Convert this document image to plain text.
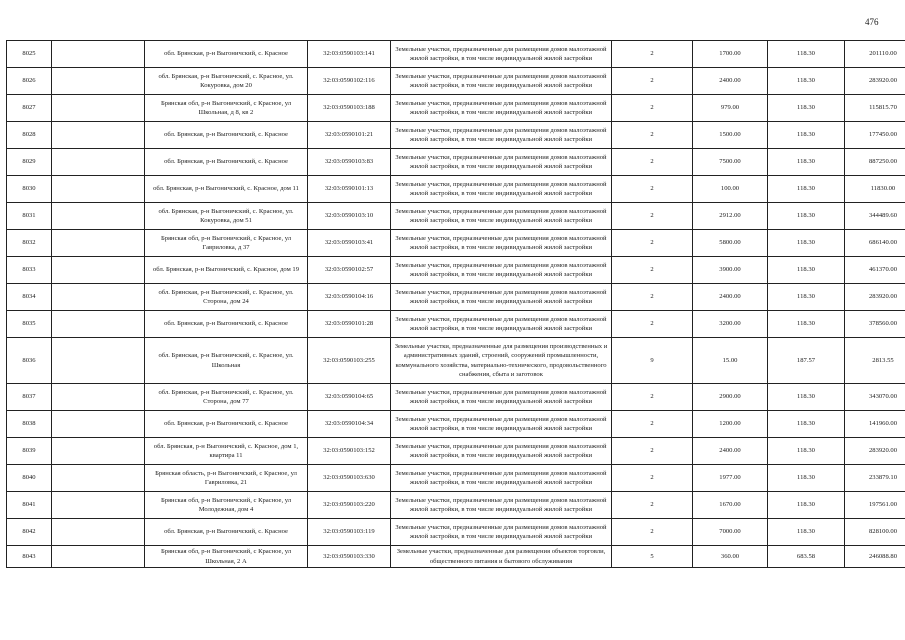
476
8025		обл. Брянская, р-н Выгоничский, с. Красное	32:03:0590103:141	Земельные участки, предназначенные для размещения домов малоэтажной жилой застройки, в том числе индивидуальной жилой застройки	2	1700.00	118.30	201110.00
8026		обл. Брянская, р-н Выгоничский, с. Красное, ул. Кокуровка, дом 20	32:03:0590102:116	Земельные участки, предназначенные для размещения домов малоэтажной жилой застройки, в том числе индивидуальной жилой застройки	2	2400.00	118.30	283920.00
8027		Брянская обл, р-н Выгоничский, с Красное, ул Школьная, д 8, кв 2	32:03:0590103:188	Земельные участки, предназначенные для размещения домов малоэтажной жилой застройки, в том числе индивидуальной жилой застройки	2	979.00	118.30	115815.70
8028		обл. Брянская, р-н Выгоничский, с. Красное	32:03:0590101:21	Земельные участки, предназначенные для размещения домов малоэтажной жилой застройки, в том числе индивидуальной жилой застройки	2	1500.00	118.30	177450.00
8029		обл. Брянская, р-н Выгоничский, с. Красное	32:03:0590103:83	Земельные участки, предназначенные для размещения домов малоэтажной жилой застройки, в том числе индивидуальной жилой застройки	2	7500.00	118.30	887250.00
8030		обл. Брянская, р-н Выгоничский, с. Красное, дом 11	32:03:0590101:13	Земельные участки, предназначенные для размещения домов малоэтажной жилой застройки, в том числе индивидуальной жилой застройки	2	100.00	118.30	11830.00
8031		обл. Брянская, р-н Выгоничский, с. Красное, ул. Кокуровка, дом 51	32:03:0590103:10	Земельные участки, предназначенные для размещения домов малоэтажной жилой застройки, в том числе индивидуальной жилой застройки	2	2912.00	118.30	344489.60
8032		Брянская обл, р-н Выгоничский, с Красное, ул Гавриловка, д 37	32:03:0590103:41	Земельные участки, предназначенные для размещения домов малоэтажной жилой застройки, в том числе индивидуальной жилой застройки	2	5800.00	118.30	686140.00
8033		обл. Брянская, р-н Выгоничский, с. Красное, дом 19	32:03:0590102:57	Земельные участки, предназначенные для размещения домов малоэтажной жилой застройки, в том числе индивидуальной жилой застройки	2	3900.00	118.30	461370.00
8034		обл. Брянская, р-н Выгоничский, с. Красное, ул. Сторона, дом 24	32:03:0590104:16	Земельные участки, предназначенные для размещения домов малоэтажной жилой застройки, в том числе индивидуальной жилой застройки	2	2400.00	118.30	283920.00
8035		обл. Брянская, р-н Выгоничский, с. Красное	32:03:0590101:28	Земельные участки, предназначенные для размещения домов малоэтажной жилой застройки, в том числе индивидуальной жилой застройки	2	3200.00	118.30	378560.00
8036		обл. Брянская, р-н Выгоничский, с. Красное, ул. Школьная	32:03:0590103:255	Земельные участки, предназначенные для размещения производственных и административных зданий, строений, сооружений промышленности, коммунального хозяйства, материально-технического, продовольственного снабжения, сбыта и заготовок	9	15.00	187.57	2813.55
8037		обл. Брянская, р-н Выгоничский, с. Красное, ул. Сторона, дом 77	32:03:0590104:65	Земельные участки, предназначенные для размещения домов малоэтажной жилой застройки, в том числе индивидуальной жилой застройки	2	2900.00	118.30	343070.00
8038		обл. Брянская, р-н Выгоничский, с. Красное	32:03:0590104:34	Земельные участки, предназначенные для размещения домов малоэтажной жилой застройки, в том числе индивидуальной жилой застройки	2	1200.00	118.30	141960.00
8039		обл. Брянская, р-н Выгоничский, с. Красное, дом 1, квартира 11	32:03:0590103:152	Земельные участки, предназначенные для размещения домов малоэтажной жилой застройки, в том числе индивидуальной жилой застройки	2	2400.00	118.30	283920.00
8040		Брянская область, р-н Выгоничский, с Красное, ул Гавриловка, 21	32:03:0590103:630	Земельные участки, предназначенные для размещения домов малоэтажной жилой застройки, в том числе индивидуальной жилой застройки	2	1977.00	118.30	233879.10
8041		Брянская обл, р-н Выгоничский, с Красное, ул Молодежная, дом 4	32:03:0590103:220	Земельные участки, предназначенные для размещения домов малоэтажной жилой застройки, в том числе индивидуальной жилой застройки	2	1670.00	118.30	197561.00
8042		обл. Брянская, р-н Выгоничский, с. Красное	32:03:0590103:119	Земельные участки, предназначенные для размещения домов малоэтажной жилой застройки, в том числе индивидуальной жилой застройки	2	7000.00	118.30	828100.00
8043		Брянская обл, р-н Выгоничский, с Красное, ул Школьная, 2 А	32:03:0590103:330	Земельные участки, предназначенные для размещения объектов торговли, общественного питания и бытового обслуживания	5	360.00	683.58	246088.80
